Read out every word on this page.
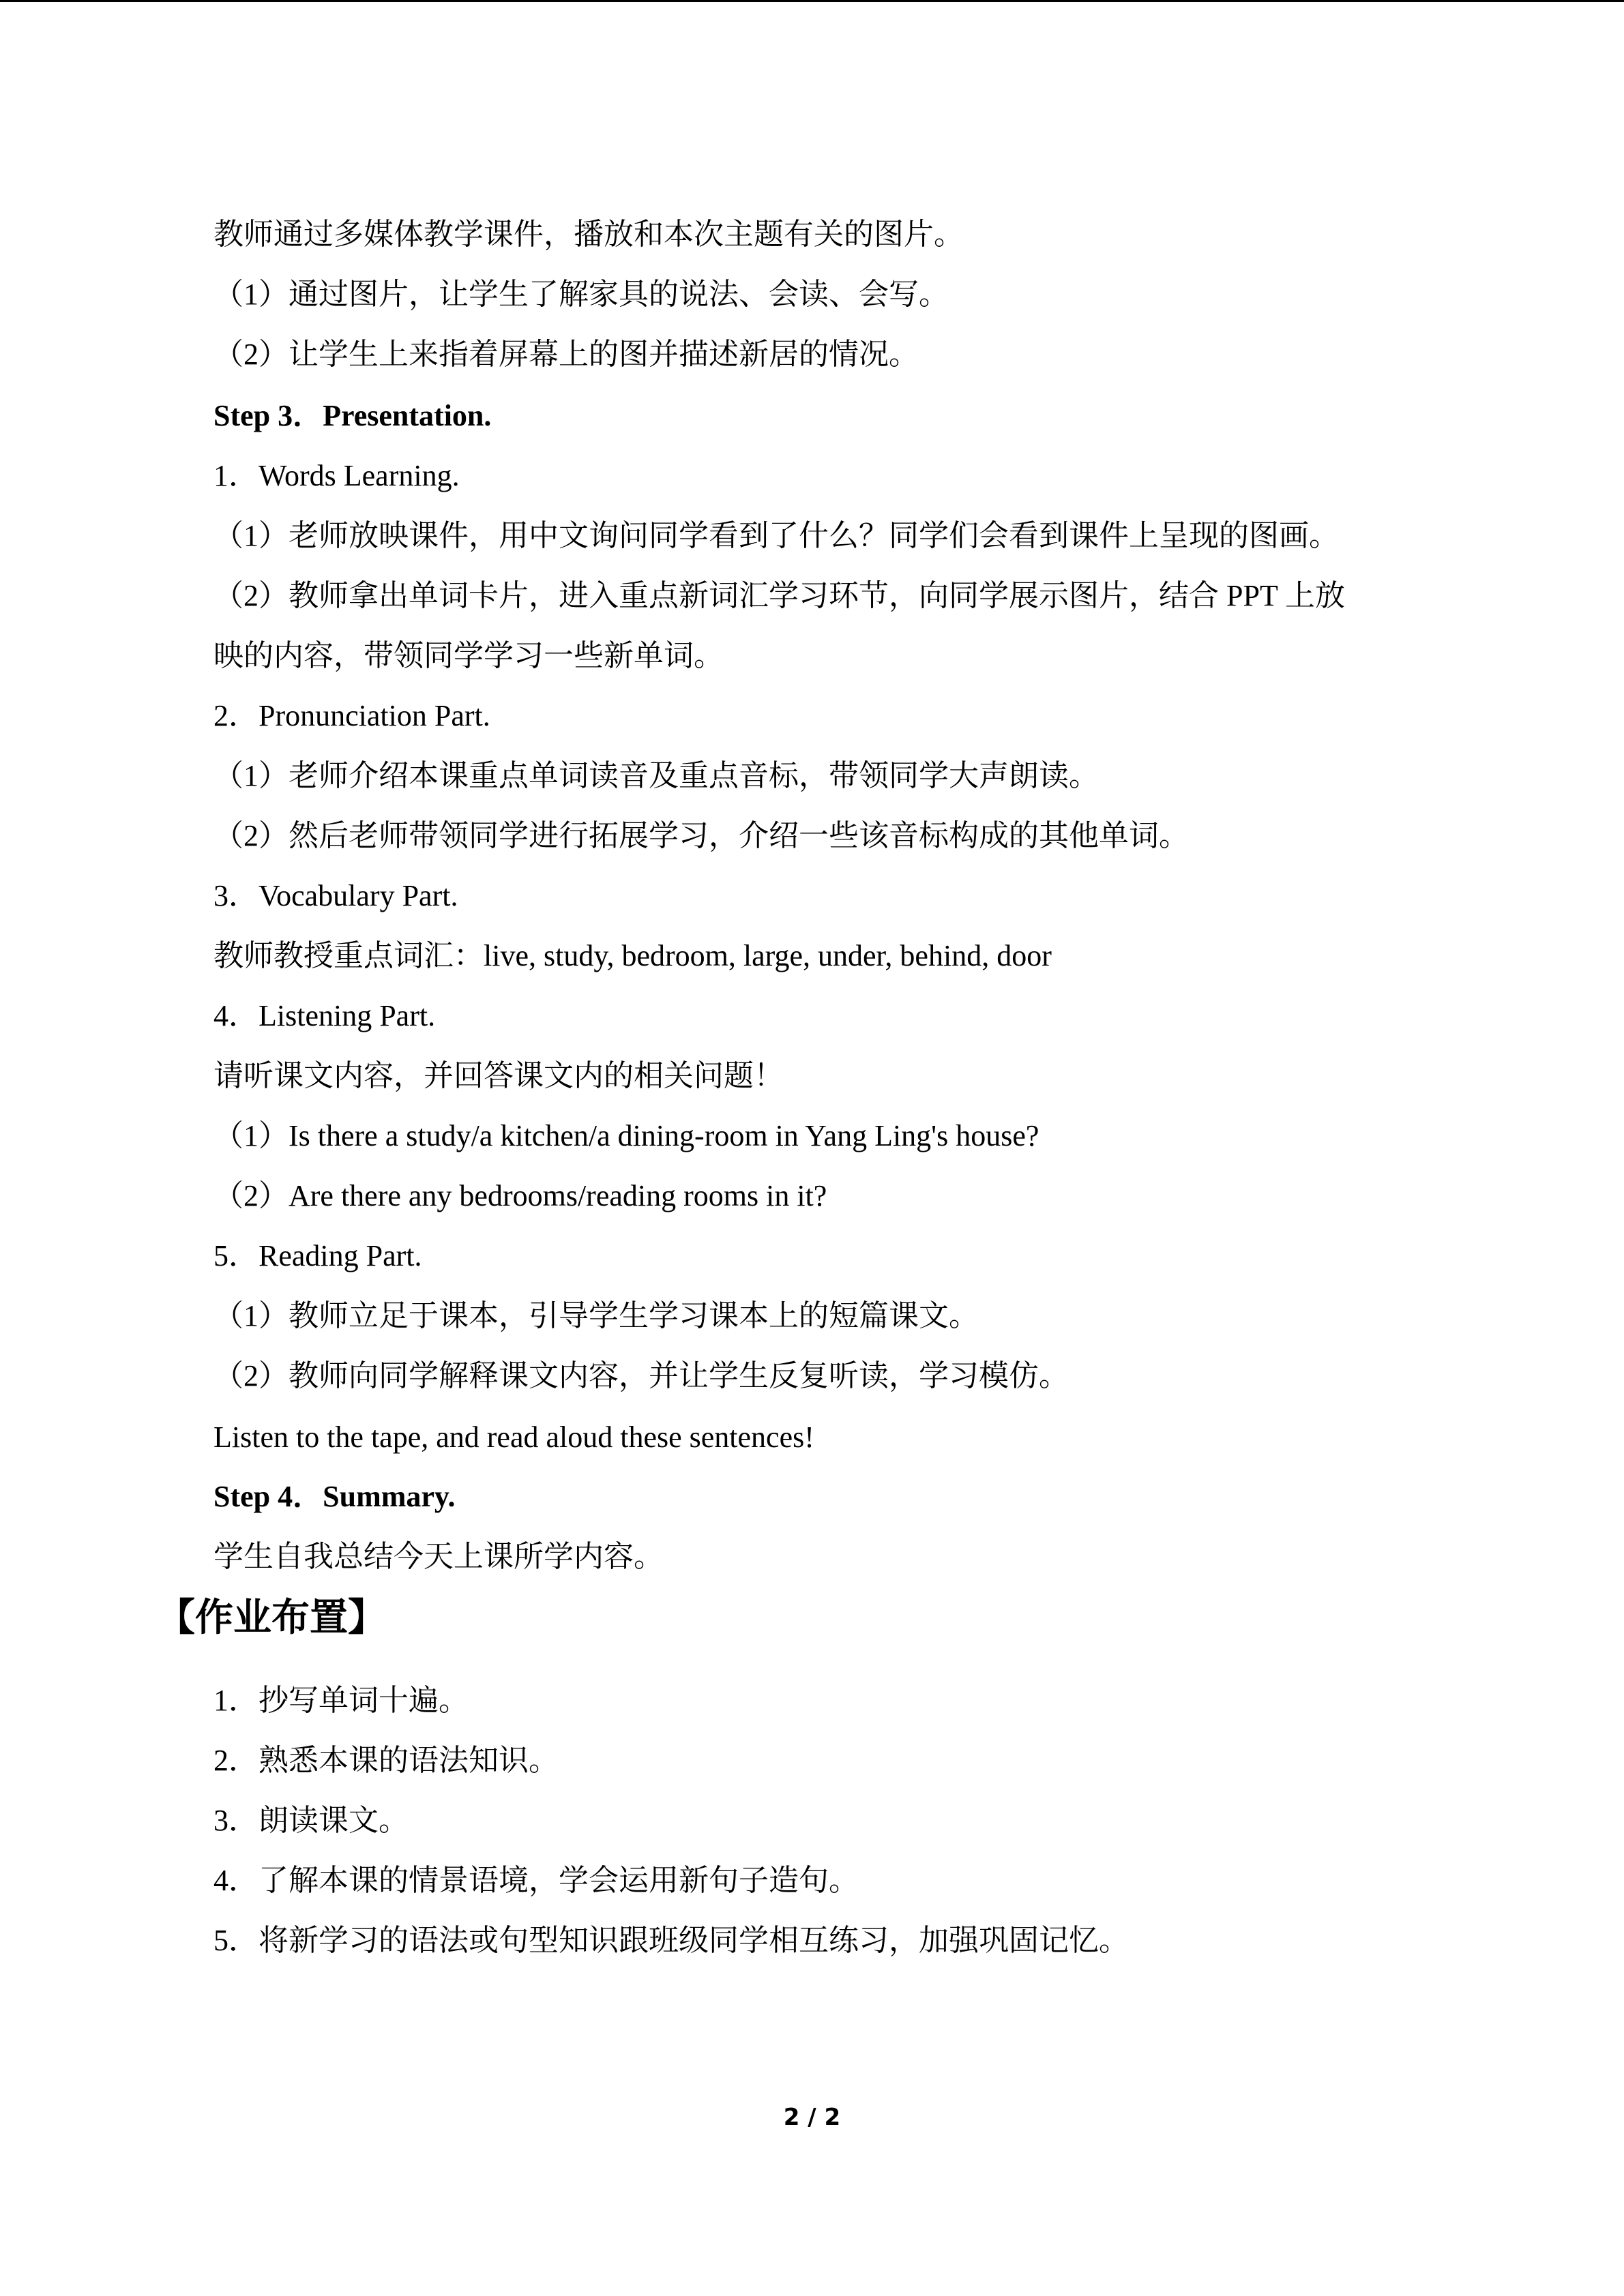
教师通过多媒体教学课件，播放和本次主题有关的图片。
（1）通过图片，让学生了解家具的说法、会读、会写。
（2）让学生上来指着屏幕上的图并描述新居的情况。
Step 3．Presentation.
1．Words Learning.
（1）老师放映课件，用中文询问同学看到了什么？同学们会看到课件上呈现的图画。
（2）教师拿出单词卡片，进入重点新词汇学习环节，向同学展示图片，结合 PPT 上放
映的内容，带领同学学习一些新单词。
2．Pronunciation Part.
（1）老师介绍本课重点单词读音及重点音标，带领同学大声朗读。
（2）然后老师带领同学进行拓展学习，介绍一些该音标构成的其他单词。
3．Vocabulary Part.
教师教授重点词汇：live, study, bedroom, large, under, behind, door
4．Listening Part.
请听课文内容，并回答课文内的相关问题！
（1）Is there a study/a kitchen/a dining-room in Yang Ling's house?
（2）Are there any bedrooms/reading rooms in it?
5．Reading Part.
（1）教师立足于课本，引导学生学习课本上的短篇课文。
（2）教师向同学解释课文内容，并让学生反复听读，学习模仿。
Listen to the tape, and read aloud these sentences!
Step 4．Summary.
学生自我总结今天上课所学内容。
【作业布置】
1．抄写单词十遍。
2．熟悉本课的语法知识。
3．朗读课文。
4．了解本课的情景语境，学会运用新句子造句。
5．将新学习的语法或句型知识跟班级同学相互练习，加强巩固记忆。
2 / 2
